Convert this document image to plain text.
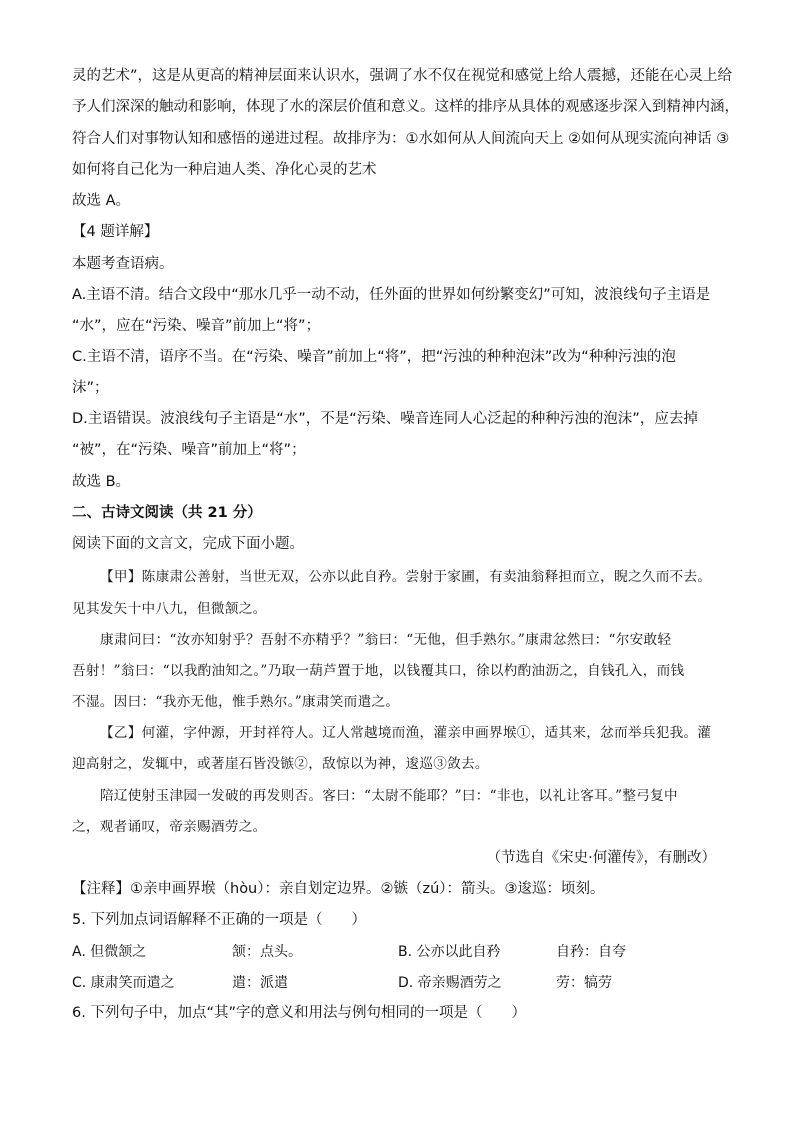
灵的艺术”，这是从更高的精神层面来认识水，强调了水不仅在视觉和感觉上给人震撼，还能在心灵上给
予人们深深的触动和影响，体现了水的深层价值和意义。这样的排序从具体的观感逐步深入到精神内涵，
符合人们对事物认知和感悟的递进过程。故排序为：①水如何从人间流向天上 ②如何从现实流向神话 ③
如何将自己化为一种启迪人类、净化心灵的艺术
故选 A。
【4 题详解】
本题考查语病。
A.主语不清。结合文段中“那水几乎一动不动，任外面的世界如何纷繁变幻”可知，波浪线句子主语是
“水”，应在“污染、噪音”前加上“将”；
C.主语不清，语序不当。在“污染、噪音”前加上“将”，把“污浊的种种泡沫”改为“种种污浊的泡
沫”；
D.主语错误。波浪线句子主语是“水”，不是“污染、噪音连同人心泛起的种种污浊的泡沫”，应去掉
“被”，在“污染、噪音”前加上“将”；
故选 B。
二、古诗文阅读（共 21 分）
阅读下面的文言文，完成下面小题。
【甲】陈康肃公善射，当世无双，公亦以此自矜。尝射于家圃，有卖油翁释担而立，睨之久而不去。
见其发矢十中八九，但微颔之。
康肃问曰：“汝亦知射乎？吾射不亦精乎？”翁曰：“无他，但手熟尔。”康肃忿然曰：“尔安敢轻
吾射！”翁曰：“以我酌油知之。”乃取一葫芦置于地，以钱覆其口，徐以杓酌油沥之，自钱孔入，而钱
不湿。因曰：“我亦无他，惟手熟尔。”康肃笑而遣之。
【乙】何灌，字仲源，开封祥符人。辽人常越境而渔，灌亲申画界堠①，适其来，忿而举兵犯我。灌
迎高射之，发辄中，或著崖石皆没镞②，敌惊以为神，逡巡③敛去。
陪辽使射玉津园一发破的再发则否。客曰：“太尉不能耶？”曰：“非也，以礼让客耳。”整弓复中
之，观者诵叹，帝亲赐酒劳之。
（节选自《宋史·何灌传》，有删改）
【注释】①亲申画界堠（hòu）：亲自划定边界。②镞（zú）：箭头。③逡巡：顷刻。
5. 下列加点词语解释不正确的一项是（　　）
A. 但微颔之	颔：点头。	B. 公亦以此自矜	自矜：自夸
C. 康肃笑而遣之	遣：派遣	D. 帝亲赐酒劳之	劳：犒劳
6. 下列句子中，加点“其”字的意义和用法与例句相同的一项是（　　）
